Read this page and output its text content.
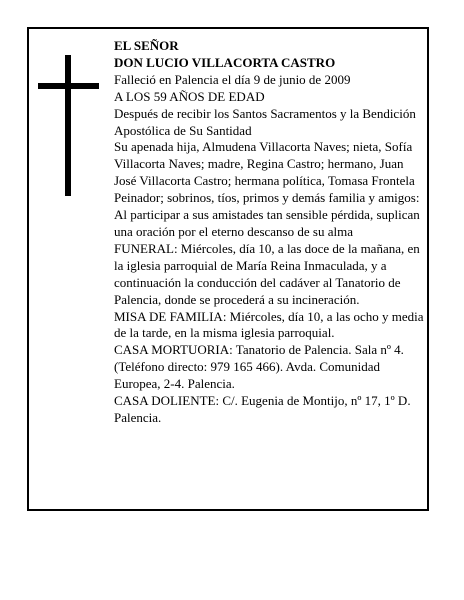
EL SEÑOR

DON LUCIO VILLACORTA CASTRO

Falleció en Palencia el día 9 de junio de 2009

A LOS 59 AÑOS DE EDAD

Después de recibir los Santos Sacramentos y la Bendición Apostólica de Su Santidad

Su apenada hija, Almudena Villacorta Naves; nieta, Sofía Villacorta Naves; madre, Regina Castro; hermano, Juan José Villacorta Castro; hermana política, Tomasa Frontela Peinador; sobrinos, tíos, primos y demás familia y amigos:

Al participar a sus amistades tan sensible pérdida, suplican una oración por el eterno descanso de su alma

FUNERAL: Miércoles, día 10, a las doce de la mañana, en la iglesia parroquial de María Reina Inmaculada, y a continuación la conducción del cadáver al Tanatorio de Palencia, donde se procederá a su incineración.

MISA DE FAMILIA: Miércoles, día 10, a las ocho y media de la tarde, en la misma iglesia parroquial.

CASA MORTUORIA: Tanatorio de Palencia. Sala nº 4. (Teléfono directo: 979 165 466). Avda. Comunidad Europea, 2-4. Palencia.

CASA DOLIENTE: C/. Eugenia de Montijo, nº 17, 1º D. Palencia.
